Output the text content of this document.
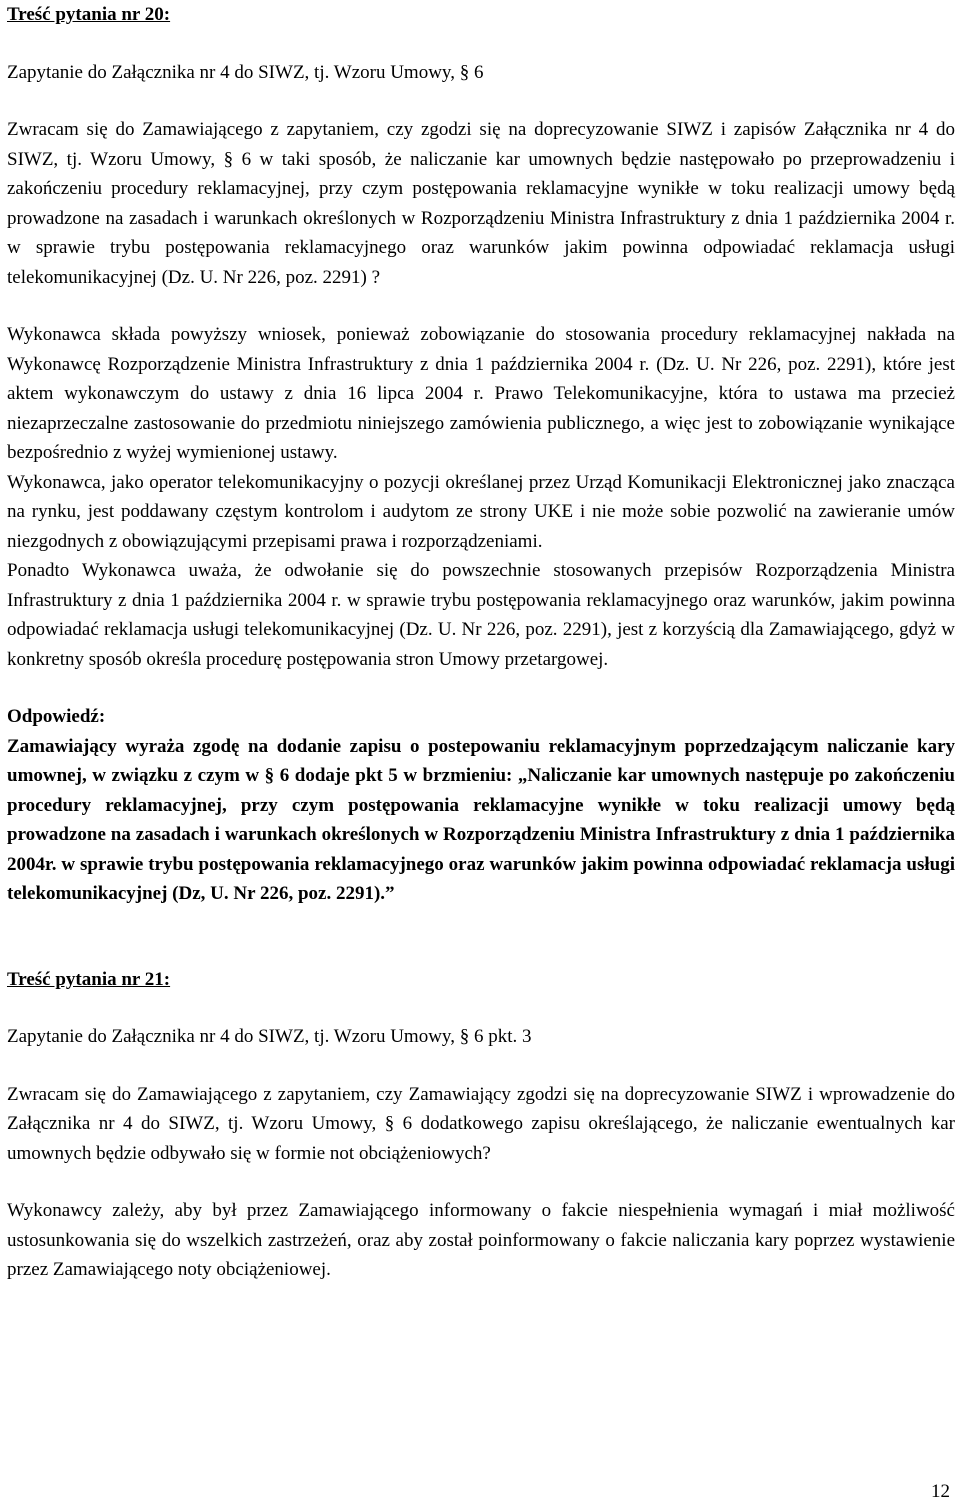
Treść pytania nr 20:

Zapytanie do Załącznika nr 4 do SIWZ, tj. Wzoru Umowy, § 6

Zwracam się do Zamawiającego z zapytaniem, czy zgodzi się na doprecyzowanie SIWZ i zapisów Załącznika nr 4 do SIWZ, tj. Wzoru Umowy, § 6 w taki sposób, że naliczanie kar umownych będzie następowało po przeprowadzeniu i zakończeniu procedury reklamacyjnej, przy czym postępowania reklamacyjne wynikłe w toku realizacji umowy będą prowadzone na zasadach i warunkach określonych w Rozporządzeniu Ministra Infrastruktury z dnia 1 października 2004 r. w sprawie trybu postępowania reklamacyjnego oraz warunków jakim powinna odpowiadać reklamacja usługi telekomunikacyjnej (Dz. U. Nr 226, poz. 2291) ?

Wykonawca składa powyższy wniosek, ponieważ zobowiązanie do stosowania procedury reklamacyjnej nakłada na Wykonawcę Rozporządzenie Ministra Infrastruktury z dnia 1 października 2004 r. (Dz. U. Nr 226, poz. 2291), które jest aktem wykonawczym do ustawy z dnia 16 lipca 2004 r. Prawo Telekomunikacyjne, która to ustawa ma przecież niezaprzeczalne zastosowanie do przedmiotu niniejszego zamówienia publicznego, a więc jest to zobowiązanie wynikające bezpośrednio z wyżej wymienionej ustawy.

Wykonawca, jako operator telekomunikacyjny o pozycji określanej przez Urząd Komunikacji Elektronicznej jako znacząca na rynku, jest poddawany częstym kontrolom i audytom ze strony UKE i nie może sobie pozwolić na zawieranie umów niezgodnych z obowiązującymi przepisami prawa i rozporządzeniami.

Ponadto Wykonawca uważa, że odwołanie się do powszechnie stosowanych przepisów Rozporządzenia Ministra Infrastruktury z dnia 1 października 2004 r. w sprawie trybu postępowania reklamacyjnego oraz warunków, jakim powinna odpowiadać reklamacja usługi telekomunikacyjnej (Dz. U. Nr 226, poz. 2291), jest z korzyścią dla Zamawiającego, gdyż w konkretny sposób określa procedurę postępowania stron Umowy przetargowej.

Odpowiedź:

Zamawiający wyraża zgodę na dodanie zapisu o postepowaniu reklamacyjnym poprzedzającym naliczanie kary umownej, w związku z czym w § 6 dodaje pkt 5 w brzmieniu: „Naliczanie kar umownych następuje po zakończeniu procedury reklamacyjnej, przy czym postępowania reklamacyjne wynikłe w toku realizacji umowy będą prowadzone na zasadach i warunkach określonych w Rozporządzeniu Ministra Infrastruktury z dnia 1 października 2004r. w sprawie trybu postępowania reklamacyjnego oraz warunków jakim powinna odpowiadać reklamacja usługi telekomunikacyjnej (Dz, U. Nr 226, poz. 2291).”

Treść pytania nr 21:

Zapytanie do Załącznika nr 4 do SIWZ, tj. Wzoru Umowy, § 6 pkt. 3

Zwracam się do Zamawiającego z zapytaniem, czy Zamawiający zgodzi się na doprecyzowanie SIWZ i wprowadzenie do Załącznika nr 4 do SIWZ, tj. Wzoru Umowy, § 6 dodatkowego zapisu określającego, że naliczanie ewentualnych kar umownych będzie odbywało się w formie not obciążeniowych?

Wykonawcy zależy, aby był przez Zamawiającego informowany o fakcie niespełnienia wymagań i miał możliwość ustosunkowania się do wszelkich zastrzeżeń, oraz aby został poinformowany o fakcie naliczania kary poprzez wystawienie przez Zamawiającego noty obciążeniowej.

12
